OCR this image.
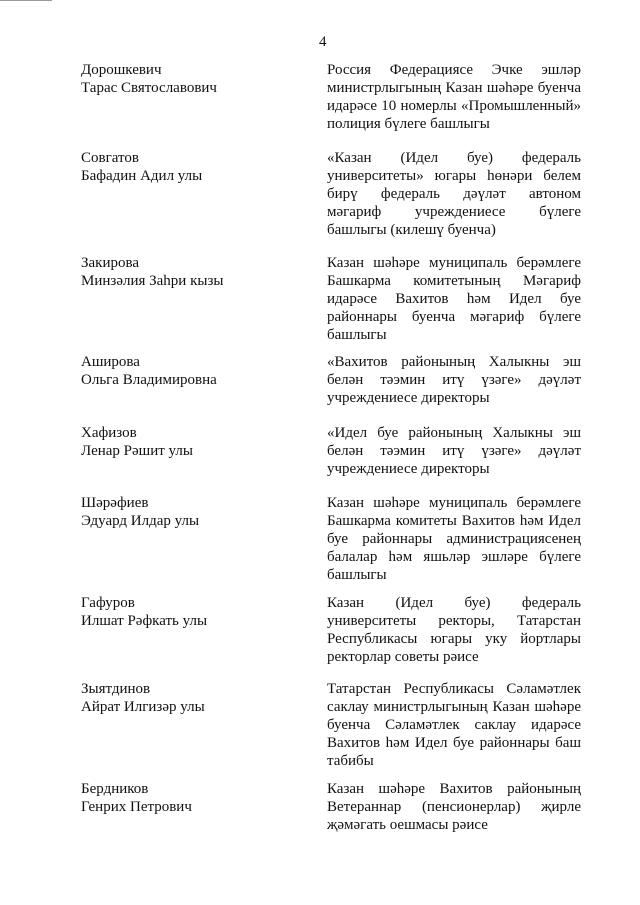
4
Дорошкевич
Тарас Святославович
Россия Федерациясе Эчке эшләр
министрлыгының Казан шәһәре буенча
идарәсе 10 номерлы «Промышленный»
полиция бүлеге башлыгы
Совгатов
Бафадин Адил улы
«Казан (Идел буе) федераль
университеты» югары һөнәри белем
бирү федераль дәүләт автоном
мәгариф учреждениесе бүлеге
башлыгы (килешү буенча)
Закирова
Минзәлия Заһри кызы
Казан шәһәре муниципаль берәмлеге
Башкарма комитетының Мәгариф
идарәсе Вахитов һәм Идел буе
районнары буенча мәгариф бүлеге
башлыгы
Аширова
Ольга Владимировна
«Вахитов районының Халыкны эш
белән тәэмин итү үзәге» дәүләт
учреждениесе директоры
Хафизов
Ленар Рәшит улы
«Идел буе районының Халыкны эш
белән тәэмин итү үзәге» дәүләт
учреждениесе директоры
Шәрәфиев
Эдуард Илдар улы
Казан шәһәре муниципаль берәмлеге
Башкарма комитеты Вахитов һәм Идел
буе районнары администрациясенең
балалар һәм яшьләр эшләре бүлеге
башлыгы
Гафуров
Илшат Рәфкать улы
Казан (Идел буе) федераль
университеты ректоры, Татарстан
Республикасы югары уку йортлары
ректорлар советы рәисе
Зыятдинов
Айрат Илгизәр улы
Татарстан Республикасы Сәламәтлек
саклау министрлыгының Казан шәһәре
буенча Сәламәтлек саклау идарәсе
Вахитов һәм Идел буе районнары баш
табибы
Бердников
Генрих Петрович
Казан шәһәре Вахитов районының
Ветераннар (пенсионерлар) җирле
җәмәгать оешмасы рәисе
